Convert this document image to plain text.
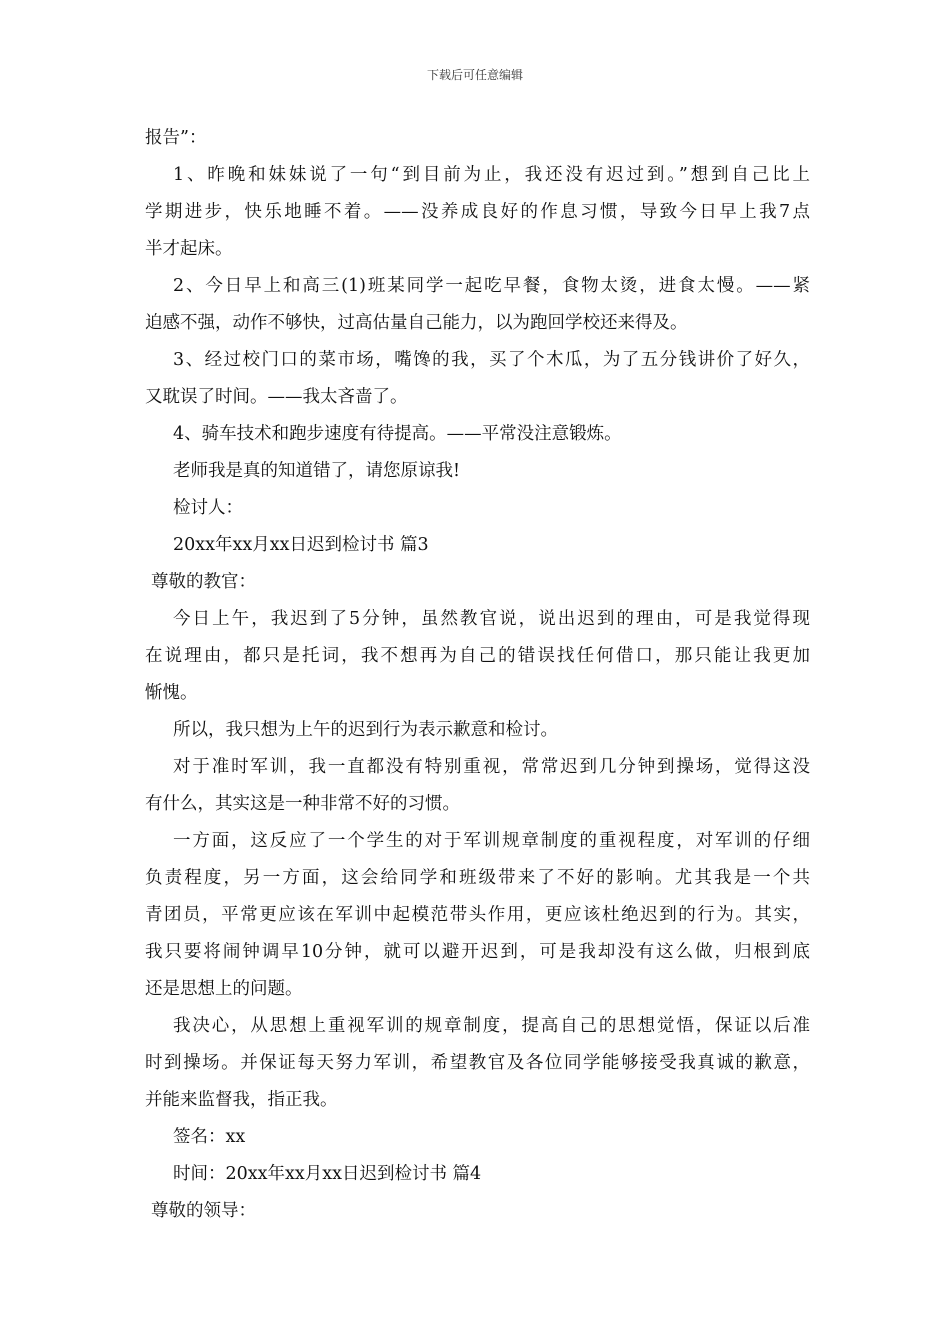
下载后可任意编辑
报告”：
1、昨晚和妹妹说了一句“到目前为止，我还没有迟过到。”想到自己比上
学期进步，快乐地睡不着。——没养成良好的作息习惯，导致今日早上我7点
半才起床。
2、今日早上和高三(1)班某同学一起吃早餐，食物太烫，进食太慢。——紧
迫感不强，动作不够快，过高估量自己能力，以为跑回学校还来得及。
3、经过校门口的菜市场，嘴馋的我，买了个木瓜，为了五分钱讲价了好久，
又耽误了时间。——我太吝啬了。
4、骑车技术和跑步速度有待提高。——平常没注意锻炼。
老师我是真的知道错了，请您原谅我!
检讨人：
20xx年xx月xx日迟到检讨书 篇3
尊敬的教官：
今日上午，我迟到了5分钟，虽然教官说，说出迟到的理由，可是我觉得现
在说理由，都只是托词，我不想再为自己的错误找任何借口，那只能让我更加
惭愧。
所以，我只想为上午的迟到行为表示歉意和检讨。
对于准时军训，我一直都没有特别重视，常常迟到几分钟到操场，觉得这没
有什么，其实这是一种非常不好的习惯。
一方面，这反应了一个学生的对于军训规章制度的重视程度，对军训的仔细
负责程度，另一方面，这会给同学和班级带来了不好的影响。尤其我是一个共
青团员，平常更应该在军训中起模范带头作用，更应该杜绝迟到的行为。其实，
我只要将闹钟调早10分钟，就可以避开迟到，可是我却没有这么做，归根到底
还是思想上的问题。
我决心，从思想上重视军训的规章制度，提高自己的思想觉悟，保证以后准
时到操场。并保证每天努力军训，希望教官及各位同学能够接受我真诚的歉意，
并能来监督我，指正我。
签名：xx
时间：20xx年xx月xx日迟到检讨书 篇4
尊敬的领导：
